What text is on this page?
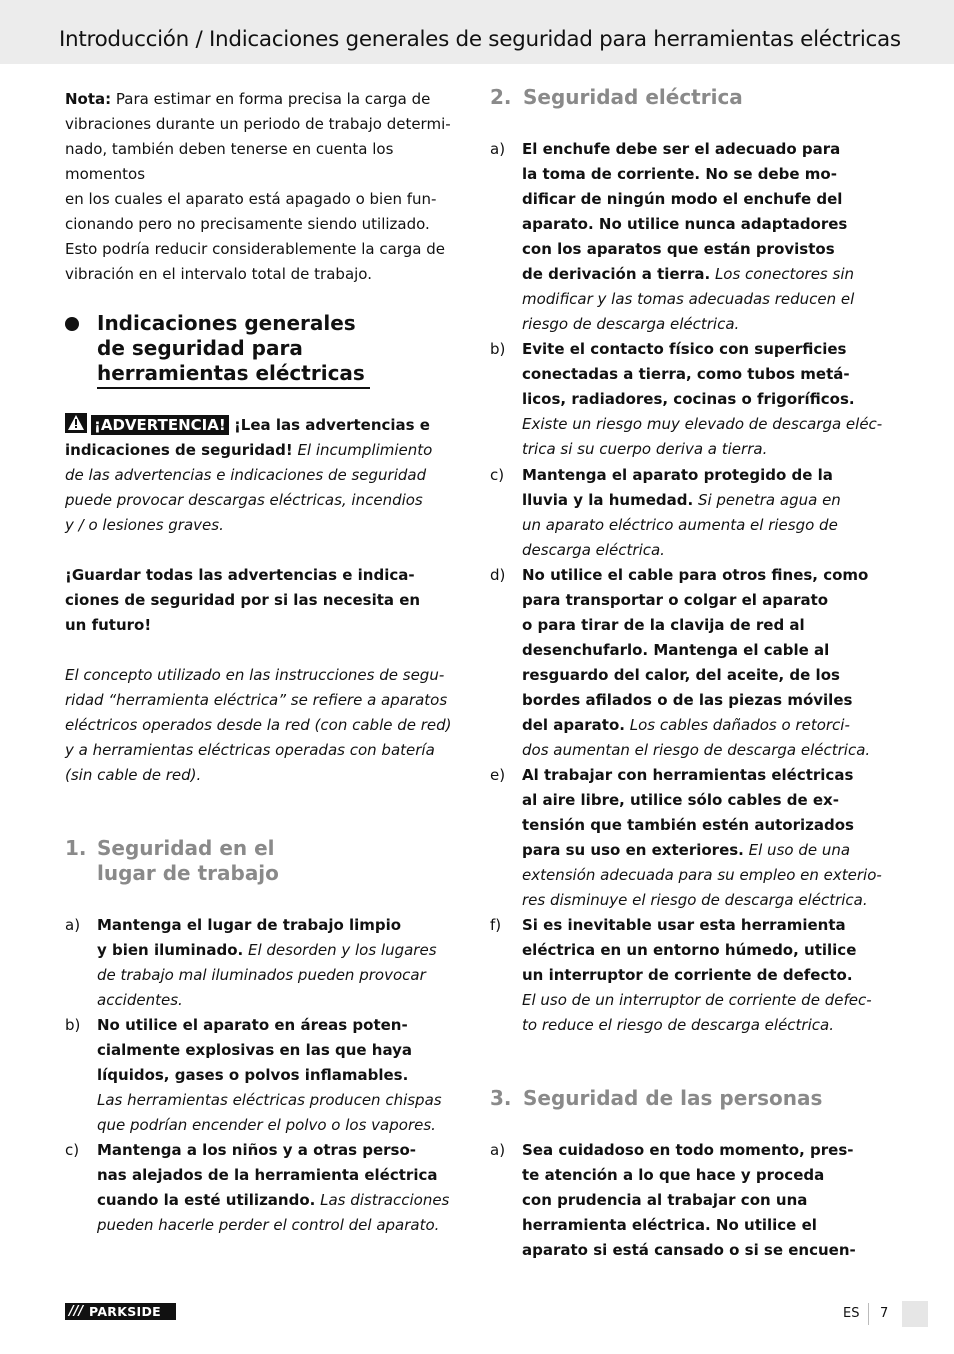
Introducción / Indicaciones generales de seguridad para herramientas eléctricas
Nota: Para estimar en forma precisa la carga de
vibraciones durante un periodo de trabajo determi-
nado, también deben tenerse en cuenta los momentos
en los cuales el aparato está apagado o bien fun-
cionando pero no precisamente siendo utilizado.
Esto podría reducir considerablemente la carga de
vibración en el intervalo total de trabajo.
Indicaciones generales
de seguridad para
herramientas eléctricas
¡ADVERTENCIA! ¡Lea las advertencias e
indicaciones de seguridad! El incumplimiento
de las advertencias e indicaciones de seguridad
puede provocar descargas eléctricas, incendios
y / o lesiones graves.
¡Guardar todas las advertencias e indica-
ciones de seguridad por si las necesita en
un futuro!
El concepto utilizado en las instrucciones de segu-
ridad “herramienta eléctrica” se refiere a aparatos
eléctricos operados desde la red (con cable de red)
y a herramientas eléctricas operadas con batería
(sin cable de red).
1. Seguridad en el
lugar de trabajo
a) Mantenga el lugar de trabajo limpio
y bien iluminado. El desorden y los lugares
de trabajo mal iluminados pueden provocar
accidentes.
b) No utilice el aparato en áreas poten-
cialmente explosivas en las que haya
líquidos, gases o polvos inflamables.
Las herramientas eléctricas producen chispas
que podrían encender el polvo o los vapores.
c) Mantenga a los niños y a otras perso-
nas alejados de la herramienta eléctrica
cuando la esté utilizando. Las distracciones
pueden hacerle perder el control del aparato.
2. Seguridad eléctrica
a) El enchufe debe ser el adecuado para
la toma de corriente. No se debe mo-
dificar de ningún modo el enchufe del
aparato. No utilice nunca adaptadores
con los aparatos que están provistos
de derivación a tierra. Los conectores sin
modificar y las tomas adecuadas reducen el
riesgo de descarga eléctrica.
b) Evite el contacto físico con superficies
conectadas a tierra, como tubos metá-
licos, radiadores, cocinas o frigoríficos.
Existe un riesgo muy elevado de descarga eléc-
trica si su cuerpo deriva a tierra.
c) Mantenga el aparato protegido de la
lluvia y la humedad. Si penetra agua en
un aparato eléctrico aumenta el riesgo de
descarga eléctrica.
d) No utilice el cable para otros fines, como
para transportar o colgar el aparato
o para tirar de la clavija de red al
desenchufarlo. Mantenga el cable al
resguardo del calor, del aceite, de los
bordes afilados o de las piezas móviles
del aparato. Los cables dañados o retorci-
dos aumentan el riesgo de descarga eléctrica.
e) Al trabajar con herramientas eléctricas
al aire libre, utilice sólo cables de ex-
tensión que también estén autorizados
para su uso en exteriores. El uso de una
extensión adecuada para su empleo en exterio-
res disminuye el riesgo de descarga eléctrica.
f) Si es inevitable usar esta herramienta
eléctrica en un entorno húmedo, utilice
un interruptor de corriente de defecto.
El uso de un interruptor de corriente de defec-
to reduce el riesgo de descarga eléctrica.
3. Seguridad de las personas
a) Sea cuidadoso en todo momento, pres-
te atención a lo que hace y proceda
con prudencia al trabajar con una
herramienta eléctrica. No utilice el
aparato si está cansado o si se encuen-
/// PARKSIDE	ES 7
